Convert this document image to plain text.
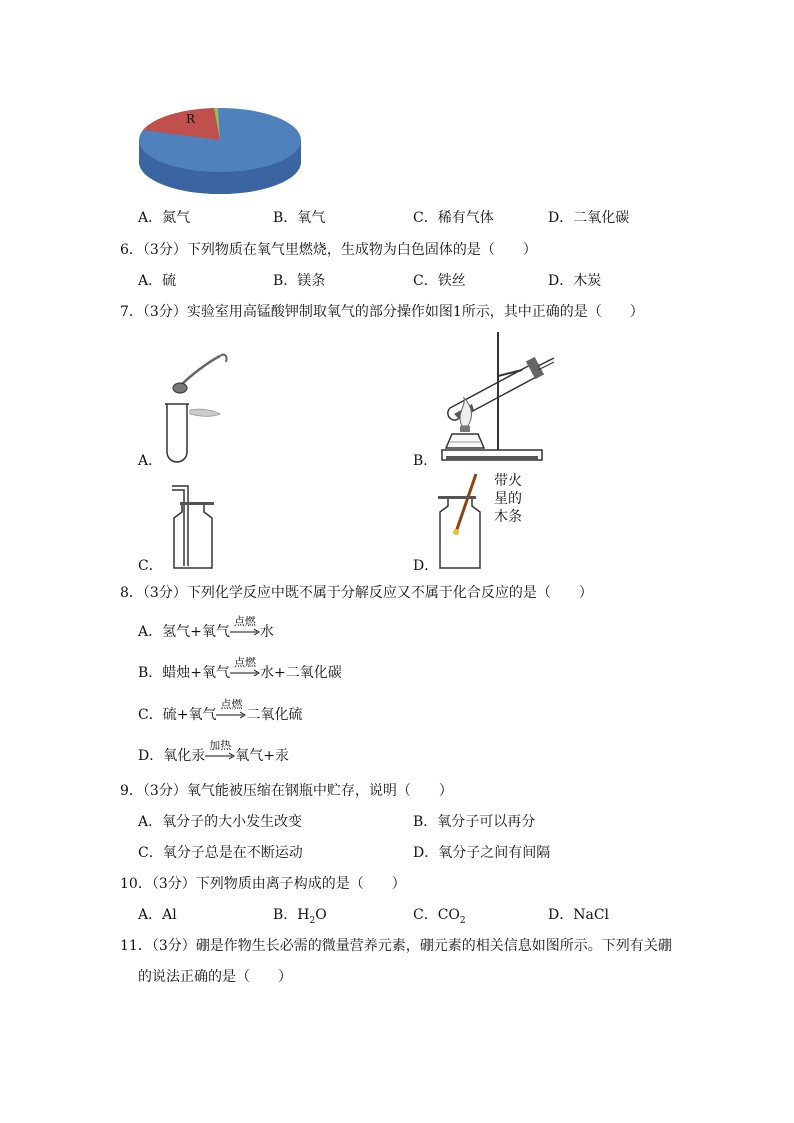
R
A．氮气	B．氧气	C．稀有气体	D．二氧化碳
6．（3分）下列物质在氧气里燃烧，生成物为白色固体的是（　　）
A．硫	B．镁条	C．铁丝	D．木炭
7．（3分）实验室用高锰酸钾制取氧气的部分操作如图1所示，其中正确的是（　　）
A．	B．
C．
带火
星的
木条
D．
8．（3分）下列化学反应中既不属于分解反应又不属于化合反应的是（　　）
A．氢气+氧气
点燃
水
B．蜡烛+氧气
点燃
水+二氧化碳
C．硫+氧气
点燃
二氧化硫
D．氧化汞
加热
氧气+汞
9．（3分）氧气能被压缩在钢瓶中贮存，说明（　　）
A．氧分子的大小发生改变	B．氧分子可以再分
C．氧分子总是在不断运动	D．氧分子之间有间隔
10．（3分）下列物质由离子构成的是（　　）
A．Al	B．$H_2O$	C．$CO_2$	D．NaCl
11．（3分）硼是作物生长必需的微量营养元素，硼元素的相关信息如图所示。下列有关硼
的说法正确的是（　　）
